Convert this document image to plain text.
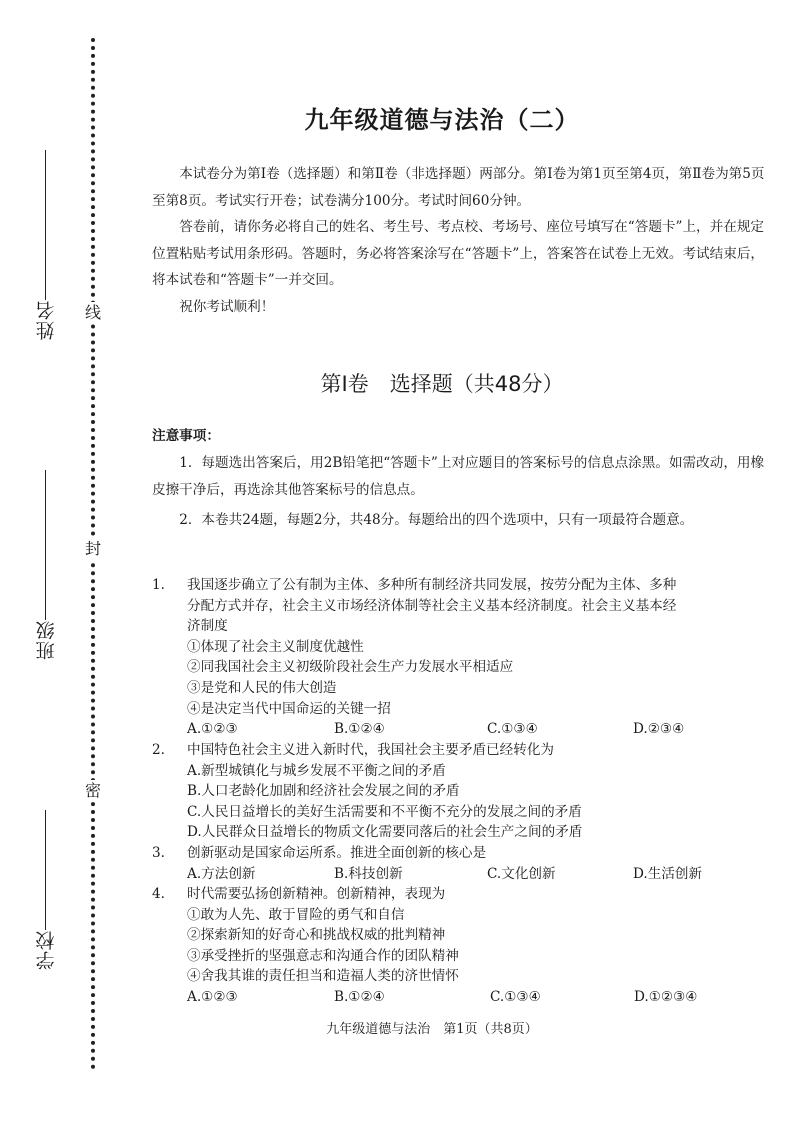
姓名
班级
学校
线
封
密
九年级道德与法治（二）
本试卷分为第Ⅰ卷（选择题）和第Ⅱ卷（非选择题）两部分。第Ⅰ卷为第1页至第4页，第Ⅱ卷为第5页至第8页。考试实行开卷；试卷满分100分。考试时间60分钟。
答卷前，请你务必将自己的姓名、考生号、考点校、考场号、座位号填写在“答题卡”上，并在规定位置粘贴考试用条形码。答题时，务必将答案涂写在“答题卡”上，答案答在试卷上无效。考试结束后，将本试卷和“答题卡”一并交回。
祝你考试顺利！
第Ⅰ卷　选择题（共48分）
注意事项：
1．每题选出答案后，用2B铅笔把“答题卡”上对应题目的答案标号的信息点涂黑。如需改动，用橡皮擦干净后，再选涂其他答案标号的信息点。
2．本卷共24题，每题2分，共48分。每题给出的四个选项中，只有一项最符合题意。
1. 我国逐步确立了公有制为主体、多种所有制经济共同发展，按劳分配为主体、多种
分配方式并存，社会主义市场经济体制等社会主义基本经济制度。社会主义基本经
济制度
①体现了社会主义制度优越性
②同我国社会主义初级阶段社会生产力发展水平相适应
③是党和人民的伟大创造
④是决定当代中国命运的关键一招
A.①②③	B.①②④	C.①③④	D.②③④
2. 中国特色社会主义进入新时代，我国社会主要矛盾已经转化为
A.新型城镇化与城乡发展不平衡之间的矛盾
B.人口老龄化加剧和经济社会发展之间的矛盾
C.人民日益增长的美好生活需要和不平衡不充分的发展之间的矛盾
D.人民群众日益增长的物质文化需要同落后的社会生产之间的矛盾
3. 创新驱动是国家命运所系。推进全面创新的核心是
A.方法创新	B.科技创新	C.文化创新	D.生活创新
4. 时代需要弘扬创新精神。创新精神，表现为
①敢为人先、敢于冒险的勇气和自信
②探索新知的好奇心和挑战权威的批判精神
③承受挫折的坚强意志和沟通合作的团队精神
④舍我其谁的责任担当和造福人类的济世情怀
A.①②③	B.①②④	C.①③④	D.①②③④
九年级道德与法治　第1页（共8页）
